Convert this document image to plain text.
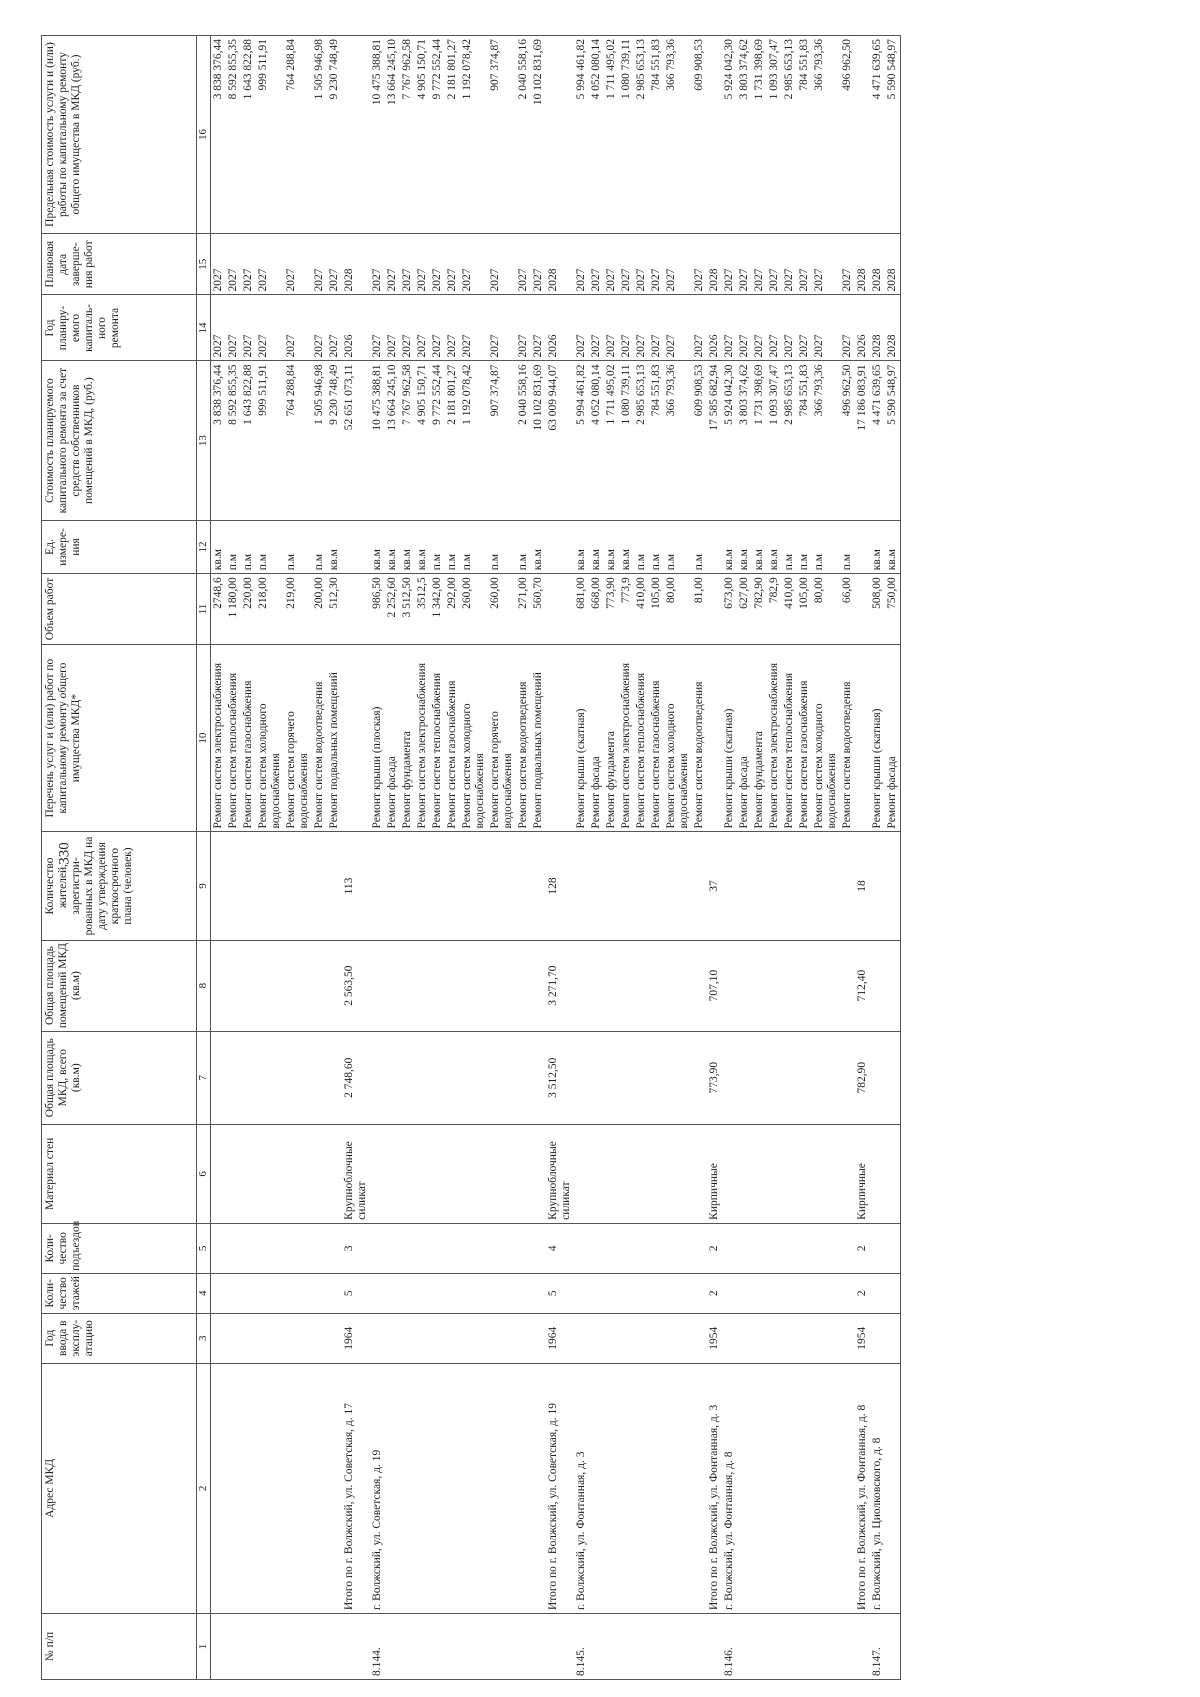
330
№ п/п	Адрес МКД	Год ввода в эксплу-атацию	Коли-чество этажей	Коли-чество подъездов	Материал стен	Общая площадь МКД, всего (кв.м)	Общая площадь помещений МКД (кв.м)	Количество жителей, зарегистри-рованных в МКД на дату утверждения краткосрочного плана (человек)	Перечень услуг и (или) работ по капитальному ремонту общего имущества МКД*	Объем работ	Ед. измере-ния	Стоимость планируемого капитального ремонта за счет средств собственников помещений в МКД, (руб.)	Год планиру-емого капиталь-ного ремонта	Плановая дата заверше-ния работ	Предельная стоимость услуги и (или) работы по капитальному ремонту общего имущества в МКД (руб.)
1	2	3	4	5	6	7	8	9	10	11	12	13	14	15	16
									Ремонт систем электроснабжения	2748,6	кв.м	3 838 376,44	2027	2027	3 838 376,44
									Ремонт систем теплоснабжения	1 180,00	п.м	8 592 855,35	2027	2027	8 592 855,35
									Ремонт систем газоснабжения	220,00	п.м	1 643 822,88	2027	2027	1 643 822,88
									Ремонт систем холодного водоснабжения	218,00	п.м	999 511,91	2027	2027	999 511,91
									Ремонт систем горячего водоснабжения	219,00	п.м	764 288,84	2027	2027	764 288,84
									Ремонт систем водоотведения	200,00	п.м	1 505 946,98	2027	2027	1 505 946,98
									Ремонт подвальных помещений	512,30	кв.м	9 230 748,49	2027	2027	9 230 748,49
	Итого по г. Волжский, ул. Советская, д. 17	1964	5	3	Крупноблочные силикат	2 748,60	2 563,50	113				52 651 073,11	2026	2028	
8.144.	г. Волжский, ул. Советская, д. 19								Ремонт крыши (плоская)	986,50	кв.м	10 475 388,81	2027	2027	10 475 388,81
									Ремонт фасада	2 252,60	кв.м	13 664 245,10	2027	2027	13 664 245,10
									Ремонт фундамента	3 512,50	кв.м	7 767 962,58	2027	2027	7 767 962,58
									Ремонт систем электроснабжения	3512,5	кв.м	4 905 150,71	2027	2027	4 905 150,71
									Ремонт систем теплоснабжения	1 342,00	п.м	9 772 552,44	2027	2027	9 772 552,44
									Ремонт систем газоснабжения	292,00	п.м	2 181 801,27	2027	2027	2 181 801,27
									Ремонт систем холодного водоснабжения	260,00	п.м	1 192 078,42	2027	2027	1 192 078,42
									Ремонт систем горячего водоснабжения	260,00	п.м	907 374,87	2027	2027	907 374,87
									Ремонт систем водоотведения	271,00	п.м	2 040 558,16	2027	2027	2 040 558,16
									Ремонт подвальных помещений	560,70	кв.м	10 102 831,69	2027	2027	10 102 831,69
	Итого по г. Волжский, ул. Советская, д. 19	1964	5	4	Крупноблочные силикат	3 512,50	3 271,70	128				63 009 944,07	2026	2028	
8.145.	г. Волжский, ул. Фонтанная, д. 3								Ремонт крыши (скатная)	681,00	кв.м	5 994 461,82	2027	2027	5 994 461,82
									Ремонт фасада	668,00	кв.м	4 052 080,14	2027	2027	4 052 080,14
									Ремонт фундамента	773,90	кв.м	1 711 495,02	2027	2027	1 711 495,02
									Ремонт систем электроснабжения	773,9	кв.м	1 080 739,11	2027	2027	1 080 739,11
									Ремонт систем теплоснабжения	410,00	п.м	2 985 653,13	2027	2027	2 985 653,13
									Ремонт систем газоснабжения	105,00	п.м	784 551,83	2027	2027	784 551,83
									Ремонт систем холодного водоснабжения	80,00	п.м	366 793,36	2027	2027	366 793,36
									Ремонт систем водоотведения	81,00	п.м	609 908,53	2027	2027	609 908,53
	Итого по г. Волжский, ул. Фонтанная, д. 3	1954	2	2	Кирпичные	773,90	707,10	37				17 585 682,94	2026	2028	
8.146.	г. Волжский, ул. Фонтанная, д. 8								Ремонт крыши (скатная)	673,00	кв.м	5 924 042,30	2027	2027	5 924 042,30
									Ремонт фасада	627,00	кв.м	3 803 374,62	2027	2027	3 803 374,62
									Ремонт фундамента	782,90	кв.м	1 731 398,69	2027	2027	1 731 398,69
									Ремонт систем электроснабжения	782,9	кв.м	1 093 307,47	2027	2027	1 093 307,47
									Ремонт систем теплоснабжения	410,00	п.м	2 985 653,13	2027	2027	2 985 653,13
									Ремонт систем газоснабжения	105,00	п.м	784 551,83	2027	2027	784 551,83
									Ремонт систем холодного водоснабжения	80,00	п.м	366 793,36	2027	2027	366 793,36
									Ремонт систем водоотведения	66,00	п.м	496 962,50	2027	2027	496 962,50
	Итого по г. Волжский, ул. Фонтанная, д. 8	1954	2	2	Кирпичные	782,90	712,40	18				17 186 083,91	2026	2028	
8.147.	г. Волжский, ул. Циолковского, д. 8								Ремонт крыши (скатная)	508,00	кв.м	4 471 639,65	2028	2028	4 471 639,65
									Ремонт фасада	750,00	кв.м	5 590 548,97	2028	2028	5 590 548,97
